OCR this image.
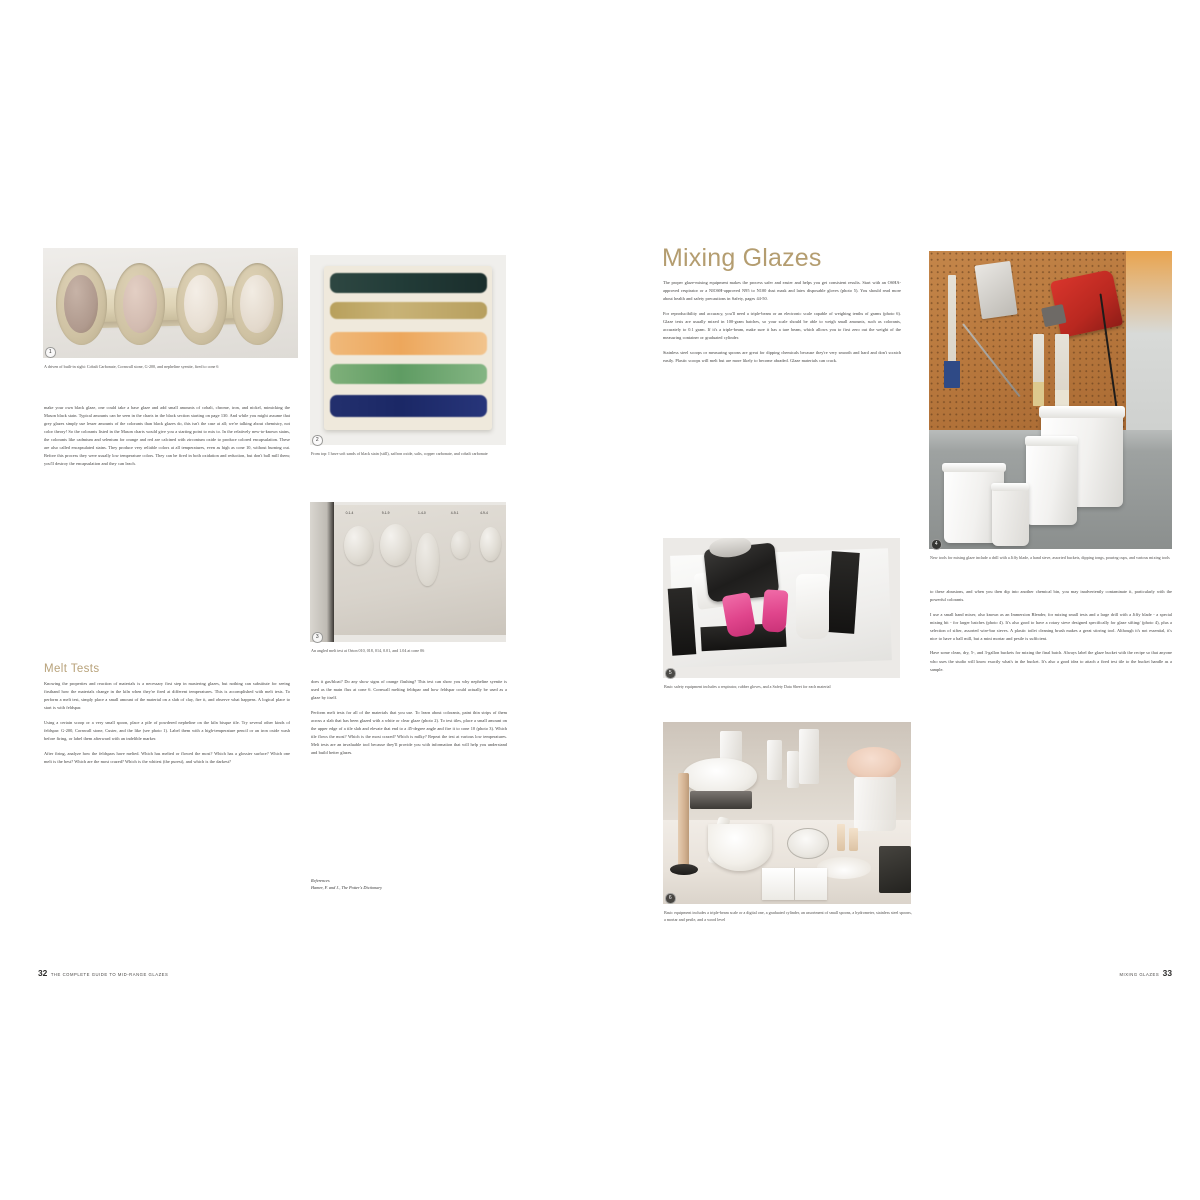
1
A driven of built-in sight: Cobalt Carbonate, Cornwall stone, G-200, and nepheline syenite, fired to cone 6

make your own black glaze, one could take a base glaze and add small amounts of cobalt, chrome, iron, and nickel, mimicking the Mason black stain. Typical amounts can be seen in the charts in the black section starting on page 130. And while you might assume that grey glazes simply use lesser amounts of the colorants than black glazes do, this isn't the case at all; we're talking about chemistry, not color theory! So the colorants listed in the Mason charts would give you a starting point to mix to. In the relatively new-to-known stains, the colorants like cadmium and selenium for orange and red are calcined with zirconium oxide to produce colored encapsulation. These are also called encapsulated stains. They produce very reliable colors at all temperatures, even as high as cone 10, without burning out. Before this process they were usually low temperature colors. They can be fired in both oxidation and reduction, but don't ball mill them; you'll destroy the encapsulation and they can leach.

Melt Tests

Knowing the properties and reaction of materials is a necessary first step in mastering glazes, but nothing can substitute for seeing firsthand how the materials change in the kiln when they're fired at different temperatures. This is accomplished with melt tests. To perform a melt test, simply place a small amount of the material on a slab of clay, fire it, and observe what happens. A logical place to start is with feldspar.

Using a certain scoop or a very small spoon, place a pile of powdered nepheline on the kiln bisque tile. Try several other kinds of feldspar: G-200, Cornwall stone, Custer, and the like (see photo 1). Label them with a high-temperature pencil or an iron oxide wash before firing, or label them afterward with an indelible marker.

After firing, analyze how the feldspars have melted. Which has melted or flowed the most? Which has a glossier surface? Which one melt is the best? Which are the most crazed? Which is the whitest (the purest), and which is the darkest?

2
From top: I have soft sands of black stain (still), saffron oxide, salts, copper carbonate, and cobalt carbonate
0-1-4	9-1-9	1-4-0	4-9-1	4-9-4
3
An angled melt test at Orton 010, 018, 014, 0.01, and 1.04 at cone 06

does it gas/bloat? Do any show signs of orange flashing? This test can show you why nepheline syenite is used as the main flux at cone 6. Cornwall melting feldspar and how feldspar could actually be used as a glaze by itself.

Perform melt tests for all of the materials that you use. To learn about colorants, paint thin strips of them across a slab that has been glazed with a white or clear glaze (photo 2). To test tiles, place a small amount on the upper edge of a tile slab and elevate that end to a 45-degree angle and fire it to cone 10 (photo 3). Which tile flows the most? Which is the most crazed? Which is milky? Repeat the test at various low temperatures. Melt tests are an invaluable tool because they'll provide you with information that will help you understand and build better glazes.

References
Hamer, F. and J., The Potter's Dictionary
32 THE COMPLETE GUIDE TO MID-RANGE GLAZES
Mixing Glazes

The proper glaze-mixing equipment makes the process safer and easier and helps you get consistent results. Start with an OSHA-approved respirator or a NIOSH-approved N95 to N100 dust mask and latex disposable gloves (photo 5). You should read more about health and safety precautions in Safety, pages 44-50.

For reproducibility and accuracy, you'll need a triple-beam or an electronic scale capable of weighing tenths of grams (photo 6). Glaze tests are usually mixed in 100-gram batches, so your scale should be able to weigh small amounts, such as colorants, accurately to 0.1 gram. If it's a triple-beam, make sure it has a tare beam, which allows you to first zero out the weight of the measuring container or graduated cylinder.

Stainless steel scoops or measuring spoons are great for dipping chemicals because they're very smooth and hard and don't scratch easily. Plastic scoops will melt but are more likely to become abraded. Glaze materials can crack.

4
New tools for mixing glaze include a drill with a Jiffy blade, a hand sieve, assorted buckets, dipping tongs, pouring cups, and various mixing tools

to these abrasions, and when you then dip into another chemical bin, you may inadvertently contaminate it, particularly with the powerful colorants.

I use a small hand mixer, also known as an Immersion Blender, for mixing small tests and a large drill with a Jiffy blade - a special mixing bit - for larger batches (photo 4). It's also good to have a rotary sieve designed specifically for glaze sifting/ (photo 4), plus a selection of sifter, assorted wire-bar sieves. A plastic toilet cleaning brush makes a great stirring tool. Although it's not essential, it's nice to have a ball mill, but a mini mortar and pestle is sufficient.

Have some clean, dry, 5-, and 3-gallon buckets for mixing the final batch. Always label the glaze bucket with the recipe so that anyone who uses the studio will know exactly what's in the bucket. It's also a good idea to attach a fired test tile to the bucket handle as a sample.

5
Basic safety equipment includes a respirator, rubber gloves, and a Safety Data Sheet for each material
6
Basic equipment includes a triple-beam scale or a digital one, a graduated cylinder, an assortment of small spoons, a hydrometer, stainless steel spoons, a mortar and pestle, and a wood level
MIXING GLAZES 33
